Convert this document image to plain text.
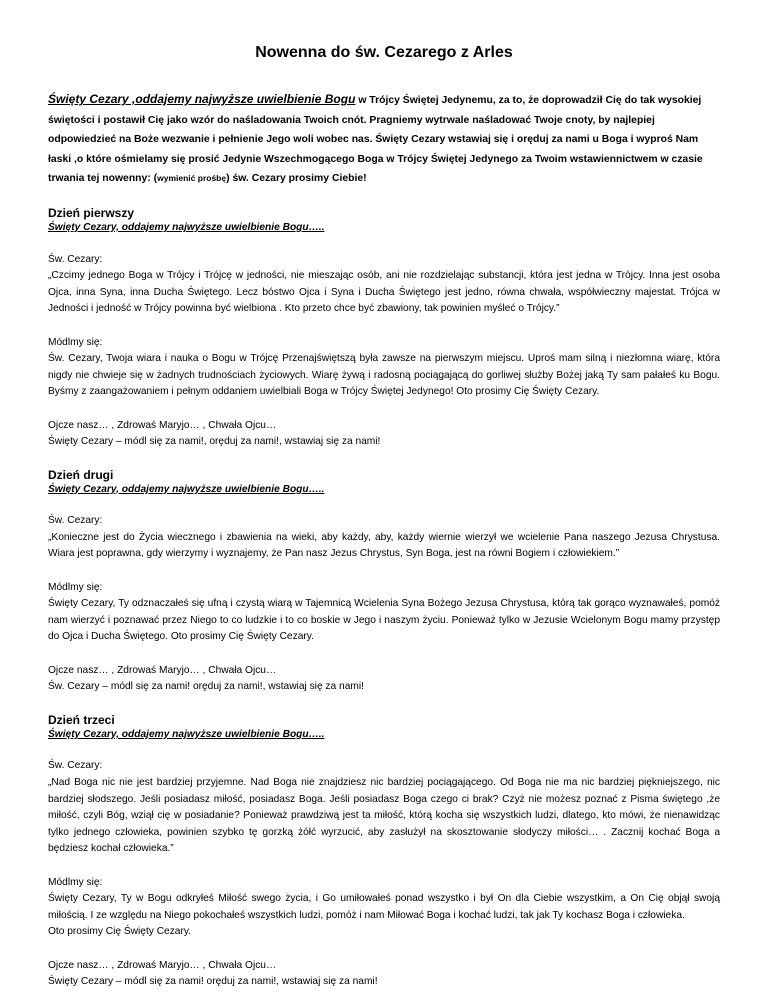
Nowenna do św. Cezarego z Arles

Święty Cezary ,oddajemy najwyższe uwielbienie Bogu w Trójcy Świętej Jedynemu, za to, że doprowadził Cię do tak wysokiej świętości i postawił Cię jako wzór do naśladowania Twoich cnót. Pragniemy wytrwale naśladować Twoje cnoty, by najlepiej odpowiedzieć na Boże wezwanie i pełnienie Jego woli wobec nas. Święty Cezary wstawiaj się i oręduj za nami u Boga i wyproś Nam łaski ,o które ośmielamy się prosić Jedynie Wszechmogącego Boga w Trójcy Świętej Jedynego za Twoim wstawiennictwem w czasie trwania tej nowenny: (wymienić prośbę) św. Cezary prosimy Ciebie!

Dzień pierwszy

Święty Cezary, oddajemy najwyższe uwielbienie Bogu…..

Św. Cezary:

„Czcimy jednego Boga w Trójcy i Trójcę w jedności, nie mieszając osób, ani nie rozdzielając substancji, która jest jedna w Trójcy. Inna jest osoba Ojca, inna Syna, inna Ducha Świętego. Lecz bóstwo Ojca i Syna i Ducha Świętego jest jedno, równa chwała, współwieczny majestat. Trójca w Jedności i jedność w Trójcy powinna być wielbiona . Kto przeto chce być zbawiony, tak powinien myśleć o Trójcy.”

Módlmy się:

Św. Cezary, Twoja wiara i nauka o Bogu w Trójcę Przenajświętszą była zawsze na pierwszym miejscu. Uproś mam silną i niezłomna wiarę, która nigdy nie chwieje się w żadnych trudnościach życiowych. Wiarę żywą i radosną pociągającą do gorliwej służby Bożej jaką Ty sam pałałeś ku Bogu. Byśmy z zaangażowaniem i pełnym oddaniem uwielbiali Boga w Trójcy Świętej Jedynego! Oto prosimy Cię Święty Cezary.

Ojcze nasz… , Zdrowaś Maryjo… , Chwała Ojcu…

Święty Cezary – módl się za nami!, oręduj za nami!, wstawiaj się za nami!

Dzień drugi

Święty Cezary, oddajemy najwyższe uwielbienie Bogu…..

Św. Cezary:

„Konieczne jest do Życia wiecznego i zbawienia na wieki, aby każdy, aby, każdy wiernie wierzył we wcielenie Pana naszego Jezusa Chrystusa. Wiara jest poprawna, gdy wierzymy i wyznajemy, że Pan nasz Jezus Chrystus, Syn Boga, jest na równi Bogiem i człowiekiem.”

Módlmy się:

Święty Cezary, Ty odznaczałeś się ufną i czystą wiarą w Tajemnicą Wcielenia Syna Bożego Jezusa Chrystusa, którą tak gorąco wyznawałeś, pomóż nam wierzyć i poznawać przez Niego to co ludzkie i to co boskie w Jego i naszym życiu. Ponieważ tylko w Jezusie Wcielonym Bogu mamy przystęp do Ojca i Ducha Świętego. Oto prosimy Cię Święty Cezary.

Ojcze nasz… , Zdrowaś Maryjo… , Chwała Ojcu…

Św. Cezary – módl się za nami! oręduj za nami!, wstawiaj się za nami!

Dzień trzeci

Święty Cezary, oddajemy najwyższe uwielbienie Bogu…..

Św. Cezary:

„Nad Boga nic nie jest bardziej przyjemne. Nad Boga nie znajdziesz nic bardziej pociągającego. Od Boga nie ma nic bardziej piękniejszego, nic bardziej słodszego. Jeśli posiadasz miłość, posiadasz Boga. Jeśli posiadasz Boga czego ci brak? Czyż nie możesz poznać z Pisma świętego ,że miłość, czyli Bóg, wziął cię w posiadanie? Ponieważ prawdziwą jest ta miłość, którą kocha się wszystkich ludzi, dlatego, kto mówi, że nienawidząc tylko jednego człowieka, powinien szybko tę gorzką żółć wyrzucić, aby zasłużył na skosztowanie słodyczy miłości… . Zacznij kochać Boga a będziesz kochał człowieka.”

Módlmy się:

Święty Cezary, Ty w Bogu odkryłeś Miłość swego życia, i Go umiłowałeś ponad wszystko i był On dla Ciebie wszystkim, a On Cię objął swoją miłością. I ze względu na Niego pokochałeś wszystkich ludzi, pomóż i nam Miłować Boga i kochać ludzi, tak jak Ty kochasz Boga i człowieka.

Oto prosimy Cię Święty Cezary.

Ojcze nasz… , Zdrowaś Maryjo… , Chwała Ojcu…

Święty Cezary – módl się za nami! oręduj za nami!, wstawiaj się za nami!
